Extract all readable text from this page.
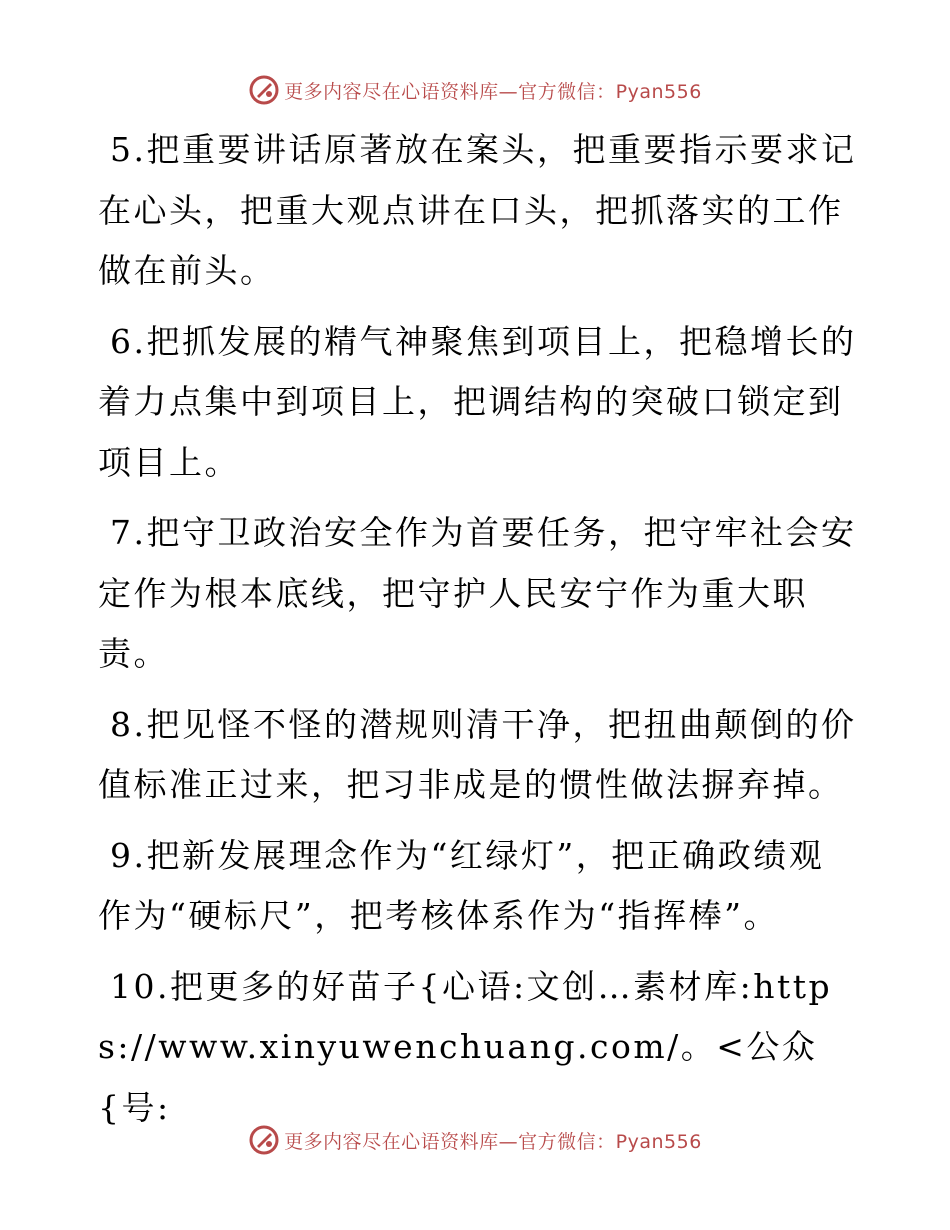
更多内容尽在心语资料库—官方微信：Pyan556

5.把重要讲话原著放在案头，把重要指示要求记在心头，把重大观点讲在口头，把抓落实的工作做在前头。

6.把抓发展的精气神聚焦到项目上，把稳增长的着力点集中到项目上，把调结构的突破口锁定到项目上。

7.把守卫政治安全作为首要任务，把守牢社会安定作为根本底线，把守护人民安宁作为重大职责。

8.把见怪不怪的潜规则清干净，把扭曲颠倒的价值标准正过来，把习非成是的惯性做法摒弃掉。

9.把新发展理念作为“红绿灯”，把正确政绩观作为“硬标尺”，把考核体系作为“指挥棒”。

10.把更多的好苗子{心语:文创…素材库:https://www.xinyuwenchuang.com/。<公众{号:

更多内容尽在心语资料库—官方微信：Pyan556
